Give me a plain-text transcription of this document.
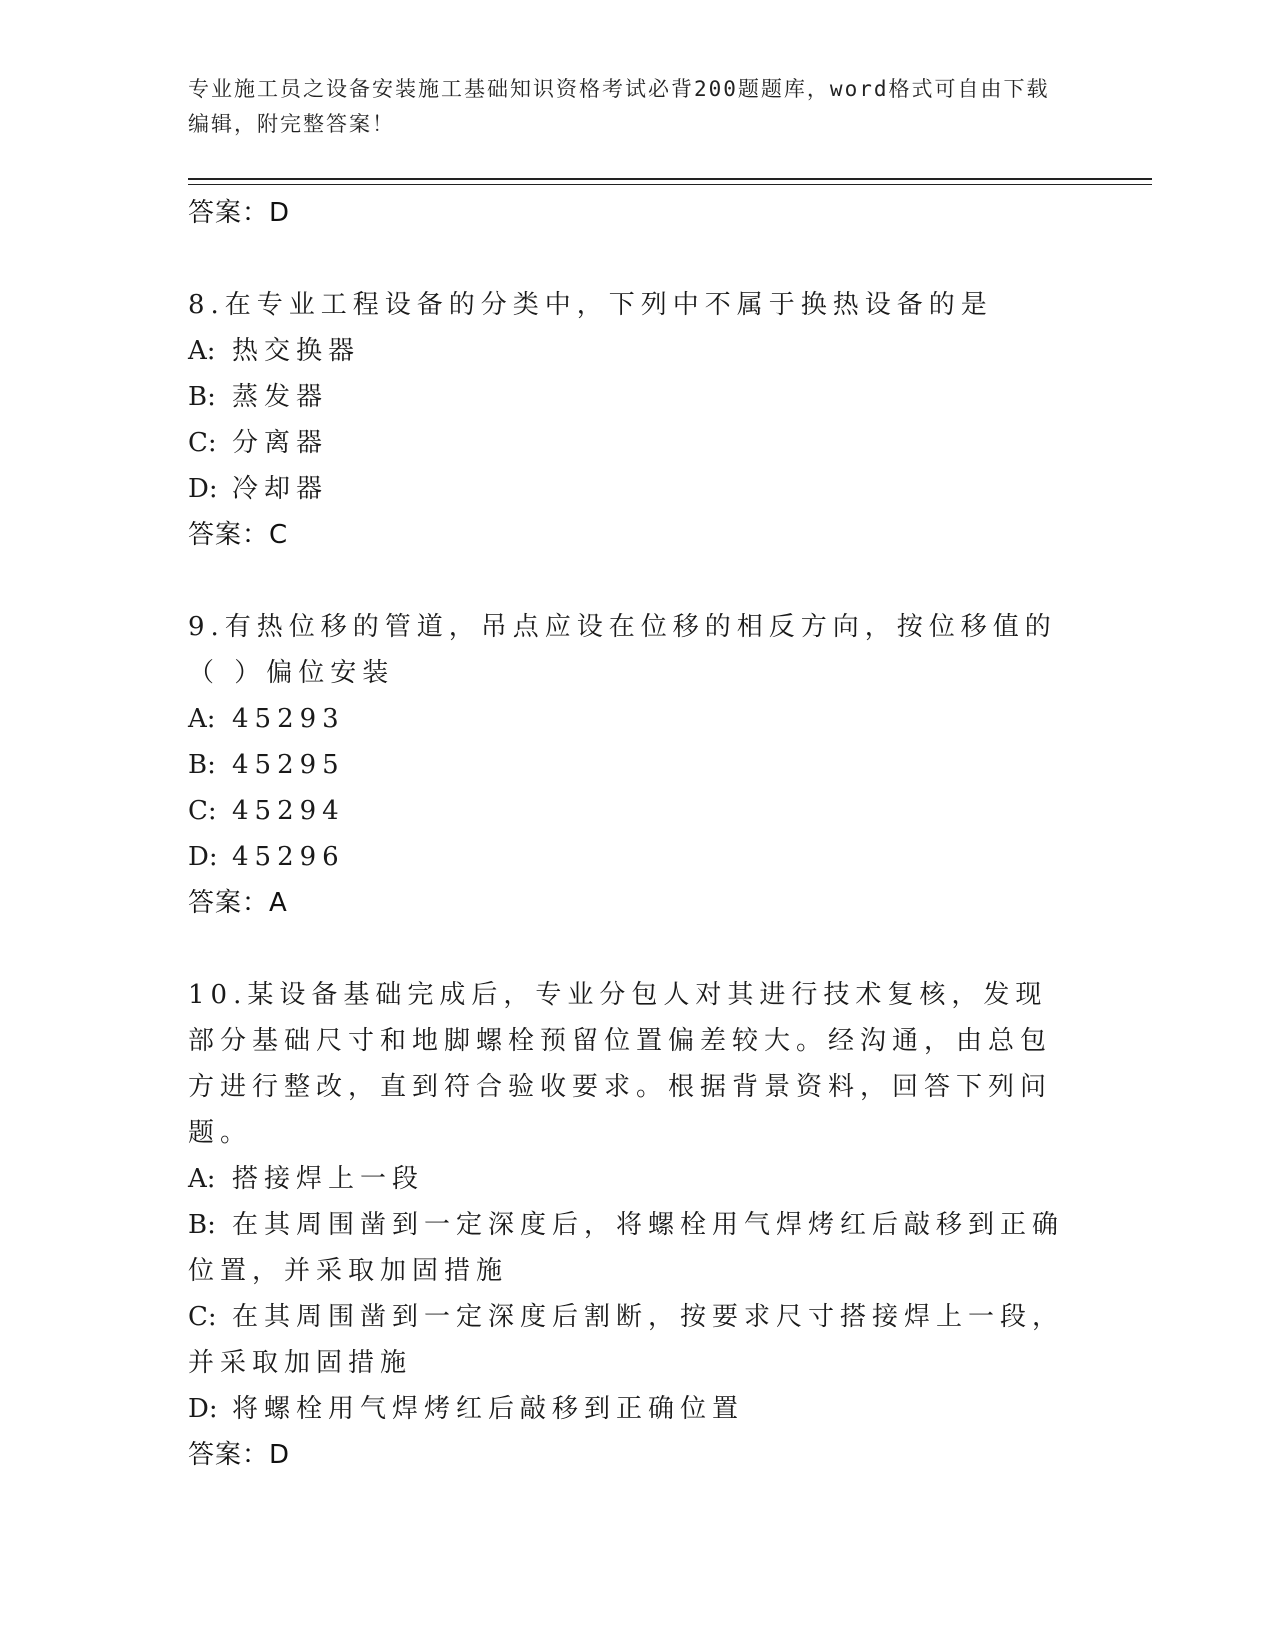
专业施工员之设备安装施工基础知识资格考试必背200题题库，word格式可自由下载编辑，附完整答案！
答案：D
8.在专业工程设备的分类中，下列中不属于换热设备的是
A: 热交换器
B: 蒸发器
C: 分离器
D: 冷却器
答案：C
9.有热位移的管道，吊点应设在位移的相反方向，按位移值的（ ）偏位安装
A: 45293
B: 45295
C: 45294
D: 45296
答案：A
10.某设备基础完成后，专业分包人对其进行技术复核，发现部分基础尺寸和地脚螺栓预留位置偏差较大。经沟通，由总包方进行整改，直到符合验收要求。根据背景资料，回答下列问题。
A: 搭接焊上一段
B: 在其周围凿到一定深度后，将螺栓用气焊烤红后敲移到正确位置，并采取加固措施
C: 在其周围凿到一定深度后割断，按要求尺寸搭接焊上一段，并采取加固措施
D: 将螺栓用气焊烤红后敲移到正确位置
答案：D
